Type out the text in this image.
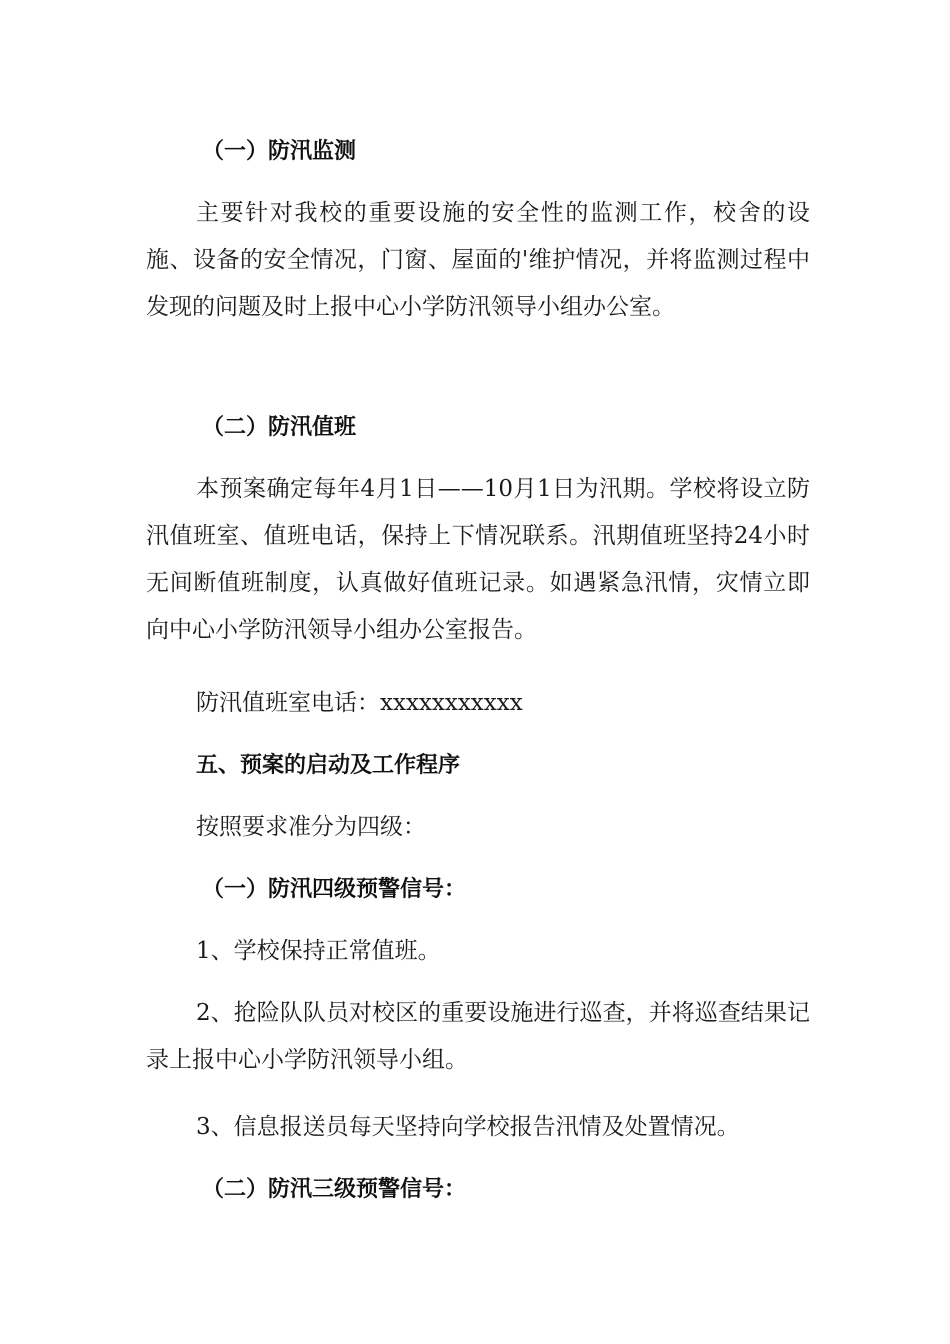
（一）防汛监测
主要针对我校的重要设施的安全性的监测工作，校舍的设施、设备的安全情况，门窗、屋面的'维护情况，并将监测过程中发现的问题及时上报中心小学防汛领导小组办公室。
（二）防汛值班
本预案确定每年4月1日——10月1日为汛期。学校将设立防汛值班室、值班电话，保持上下情况联系。汛期值班坚持24小时无间断值班制度，认真做好值班记录。如遇紧急汛情，灾情立即向中心小学防汛领导小组办公室报告。
防汛值班室电话：xxxxxxxxxxx
五、预案的启动及工作程序
按照要求准分为四级：
（一）防汛四级预警信号：
1、学校保持正常值班。
2、抢险队队员对校区的重要设施进行巡查，并将巡查结果记录上报中心小学防汛领导小组。
3、信息报送员每天坚持向学校报告汛情及处置情况。
（二）防汛三级预警信号：
